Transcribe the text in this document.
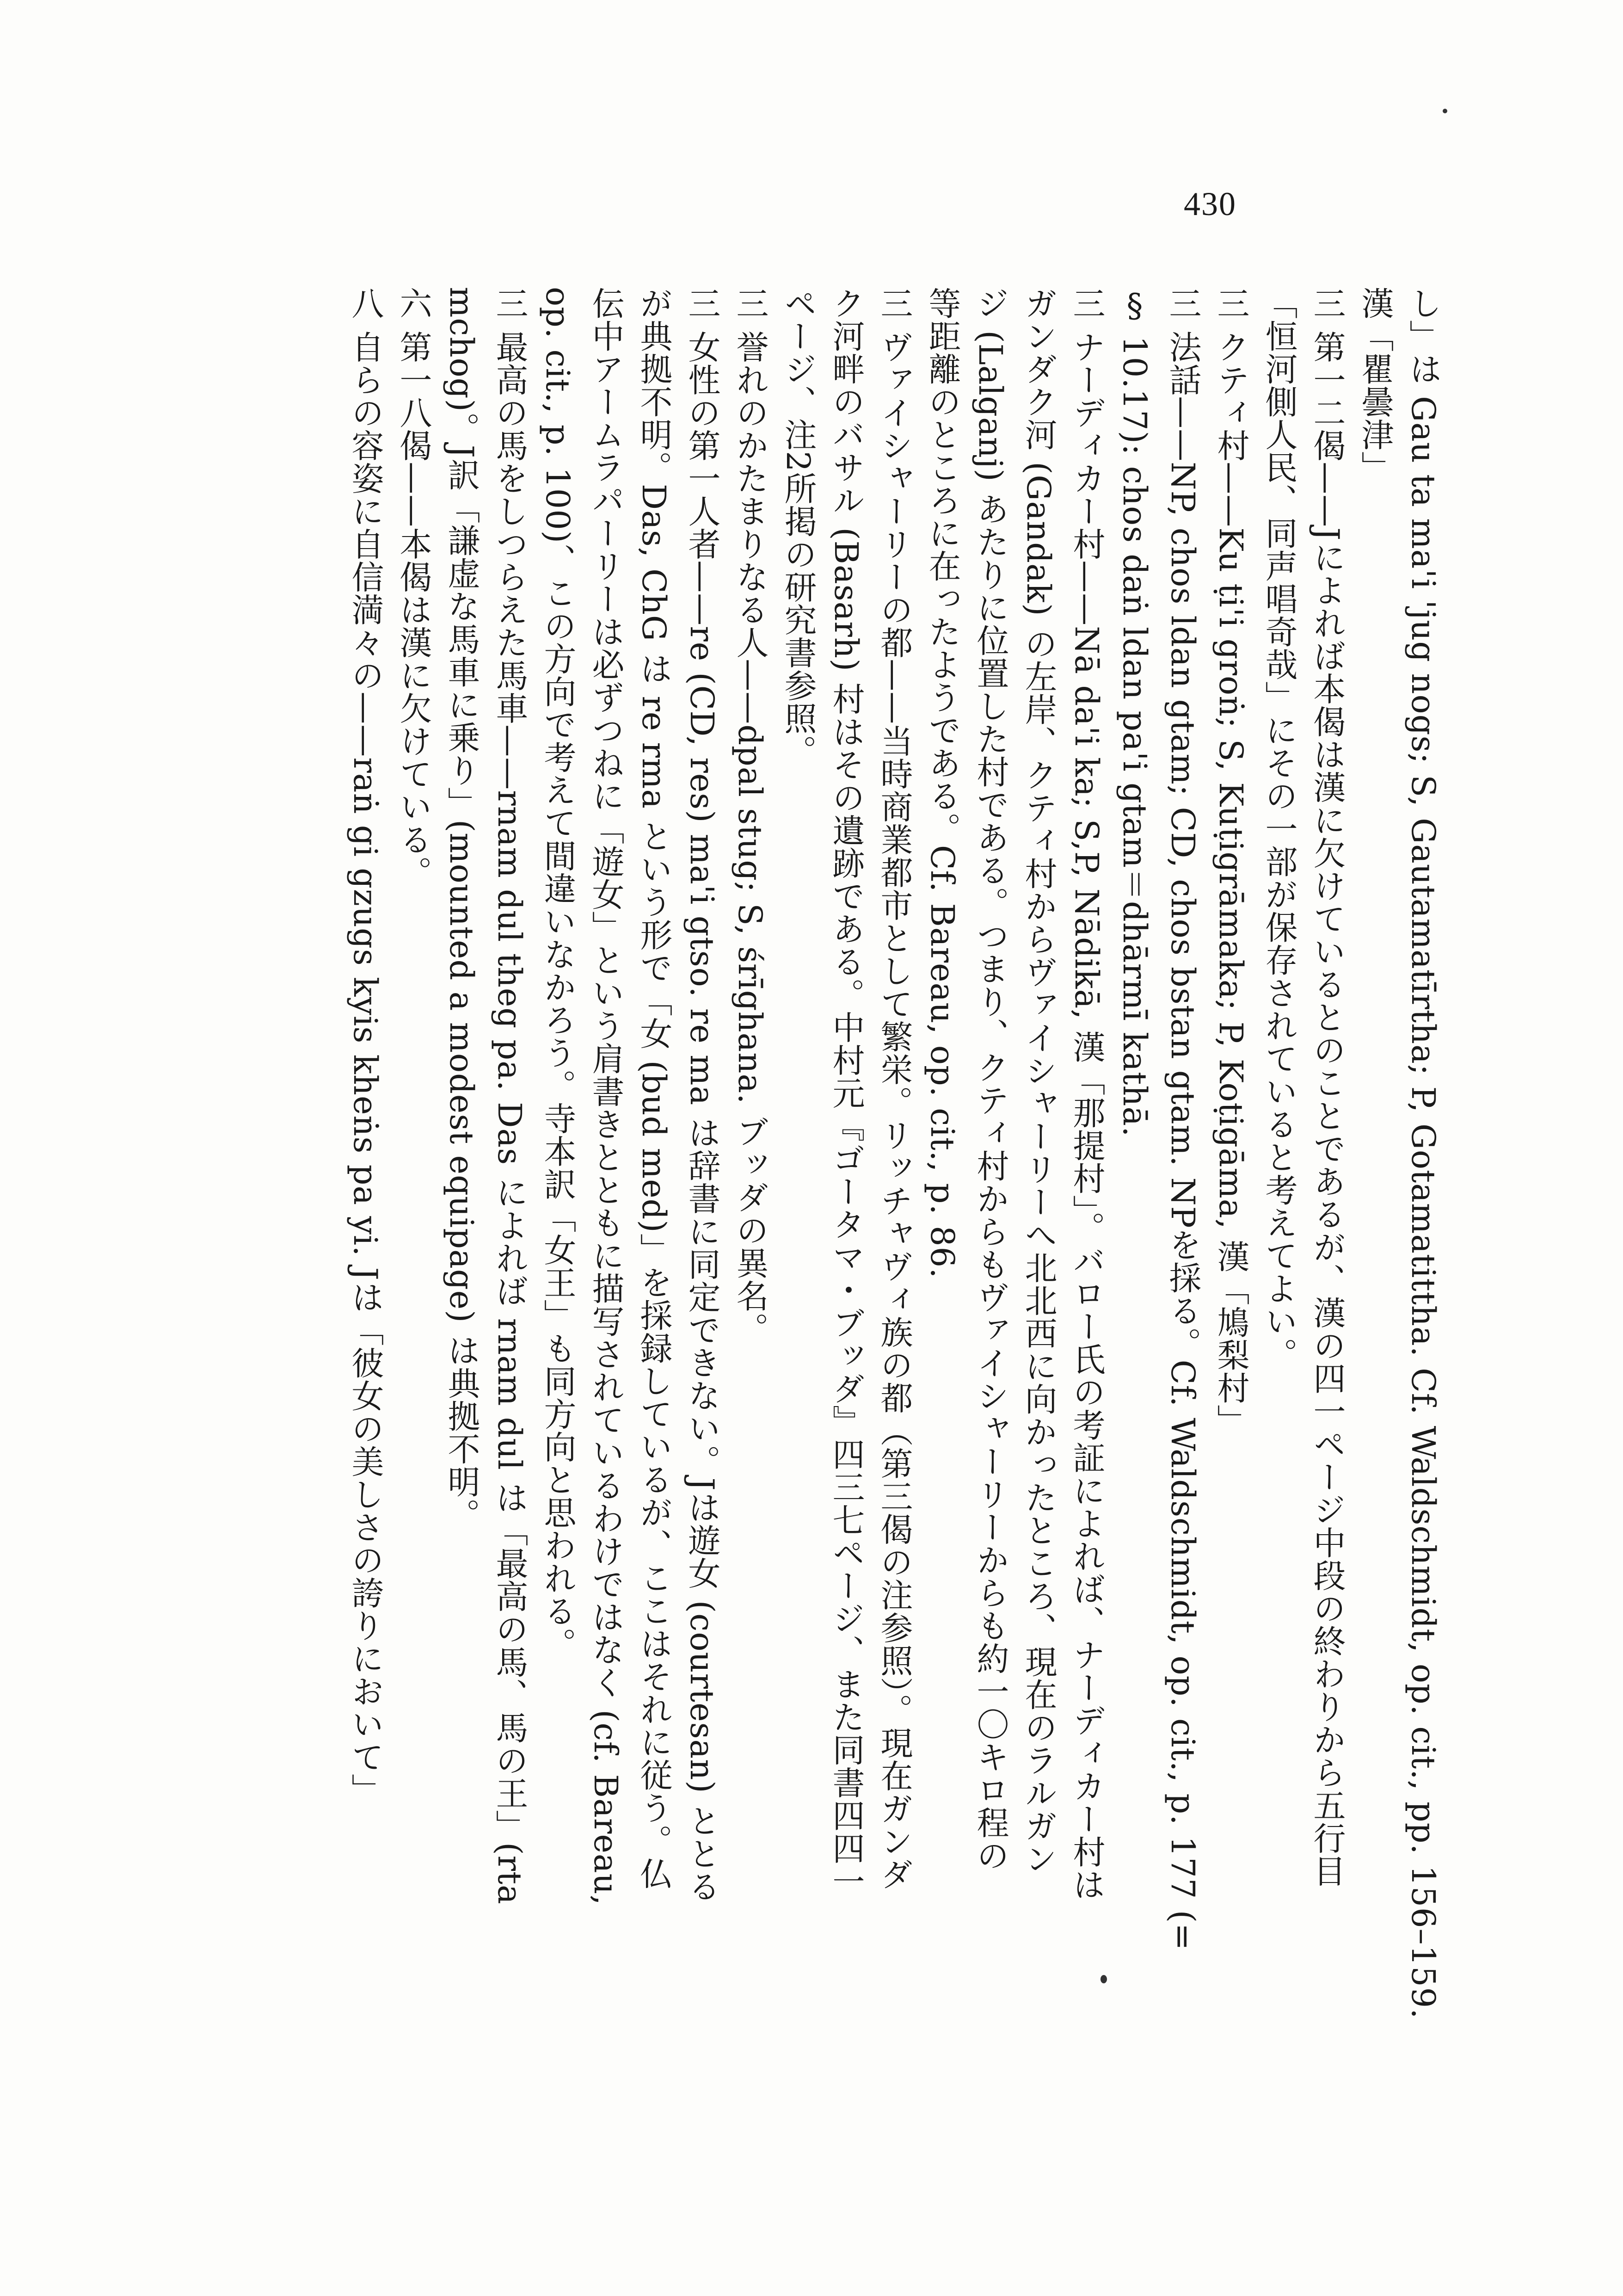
430
し」は Gau ta ma'i 'jug nogs; S, Gautamatīrtha; P, Gotamatittha. Cf. Waldschmidt, op. cit., pp. 156–159.
漢「瞿曇津」
三 第一二偈——Jによれば本偈は漢に欠けているとのことであるが、漢の四一ページ中段の終わりから五行目
「恒河側人民、同声唱奇哉」にその一部が保存されていると考えてよい。
三 クティ村——Ku ṭi'i groṅ; S, Kuṭigrāmaka; P, Koṭigāma, 漢「鳩梨村」
三 法話——NP, chos ldan gtam; CD, chos bstan gtam. NPを採る。Cf. Waldschmidt, op. cit., p. 177 (=
§ 10.17): chos daṅ ldan pa'i gtam＝dhārmī kathā.
三 ナーディカー村——Nā da'i ka; S,P, Nādikā, 漢「那提村」。バロー氏の考証によれば、ナーディカー村は
ガンダク河 (Gandak) の左岸、クティ村からヴァイシャーリーへ北北西に向かったところ、現在のラルガン
ジ (Lalganj) あたりに位置した村である。つまり、クティ村からもヴァイシャーリーからも約一〇キロ程の
等距離のところに在ったようである。Cf. Bareau, op. cit., p. 86.
三 ヴァイシャーリーの都——当時商業都市として繁栄。リッチャヴィ族の都（第三偈の注参照）。現在ガンダ
ク河畔のバサル (Basarh) 村はその遺跡である。中村元『ゴータマ・ブッダ』四三七ページ、また同書四四一
ページ、注2所掲の研究書参照。
三 誉れのかたまりなる人——dpal stug; S, śrīghana. ブッダの異名。
三 女性の第一人者——re (CD, res) ma'i gtso. re ma は辞書に同定できない。Jは遊女 (courtesan) ととる
が典拠不明。Das, ChG は re rma という形で「女 (bud med)」を採録しているが、ここはそれに従う。仏
伝中アームラパーリーは必ずつねに「遊女」という肩書きとともに描写されているわけではなく (cf. Bareau,
op. cit., p. 100)、この方向で考えて間違いなかろう。寺本訳「女王」も同方向と思われる。
三 最高の馬をしつらえた馬車——rnam dul theg pa. Das によれば rnam dul は「最高の馬、馬の王」(rta
mchog)。J訳「謙虚な馬車に乗り」(mounted a modest equipage) は典拠不明。
六 第一八偈——本偈は漢に欠けている。
八 自らの容姿に自信満々の——raṅ gi gzugs kyis kheṅs pa yi. Jは「彼女の美しさの誇りにおいて」
